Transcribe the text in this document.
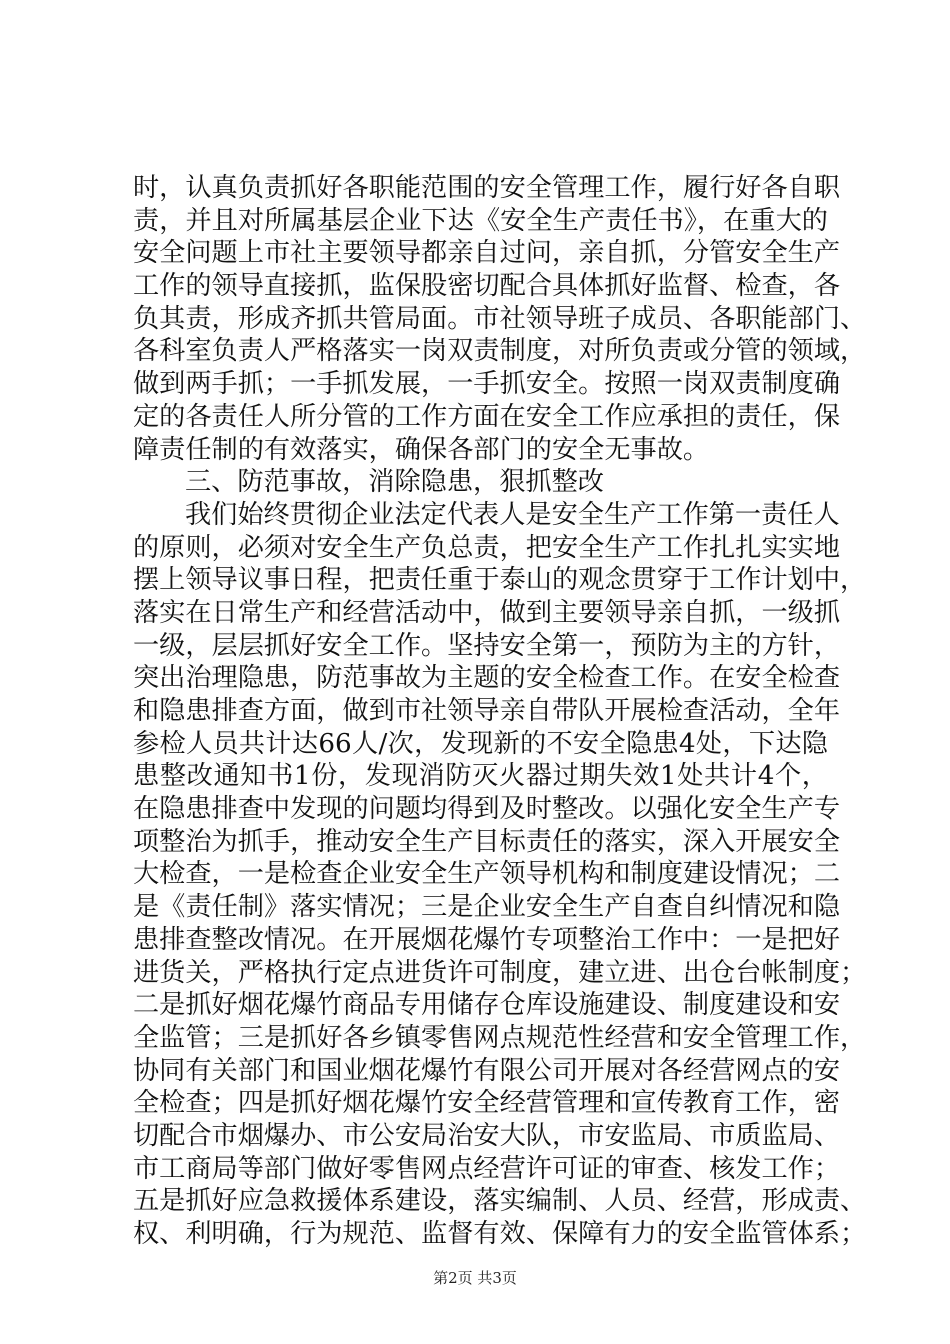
时，认真负责抓好各职能范围的安全管理工作，履行好各自职
责，并且对所属基层企业下达《安全生产责任书》，在重大的
安全问题上市社主要领导都亲自过问，亲自抓，分管安全生产
工作的领导直接抓，监保股密切配合具体抓好监督、检查，各
负其责，形成齐抓共管局面。市社领导班子成员、各职能部门、
各科室负责人严格落实一岗双责制度，对所负责或分管的领域，
做到两手抓；一手抓发展，一手抓安全。按照一岗双责制度确
定的各责任人所分管的工作方面在安全工作应承担的责任，保
障责任制的有效落实，确保各部门的安全无事故。
三、防范事故，消除隐患，狠抓整改
我们始终贯彻企业法定代表人是安全生产工作第一责任人
的原则，必须对安全生产负总责，把安全生产工作扎扎实实地
摆上领导议事日程，把责任重于泰山的观念贯穿于工作计划中，
落实在日常生产和经营活动中，做到主要领导亲自抓，一级抓
一级，层层抓好安全工作。坚持安全第一，预防为主的方针，
突出治理隐患，防范事故为主题的安全检查工作。在安全检查
和隐患排查方面，做到市社领导亲自带队开展检查活动，全年
参检人员共计达66人/次，发现新的不安全隐患4处，下达隐
患整改通知书1份，发现消防灭火器过期失效1处共计4个，
在隐患排查中发现的问题均得到及时整改。以强化安全生产专
项整治为抓手，推动安全生产目标责任的落实，深入开展安全
大检查，一是检查企业安全生产领导机构和制度建设情况；二
是《责任制》落实情况；三是企业安全生产自查自纠情况和隐
患排查整改情况。在开展烟花爆竹专项整治工作中：一是把好
进货关，严格执行定点进货许可制度，建立进、出仓台帐制度；
二是抓好烟花爆竹商品专用储存仓库设施建设、制度建设和安
全监管；三是抓好各乡镇零售网点规范性经营和安全管理工作，
协同有关部门和国业烟花爆竹有限公司开展对各经营网点的安
全检查；四是抓好烟花爆竹安全经营管理和宣传教育工作，密
切配合市烟爆办、市公安局治安大队，市安监局、市质监局、
市工商局等部门做好零售网点经营许可证的审查、核发工作；
五是抓好应急救援体系建设，落实编制、人员、经营，形成责、
权、利明确，行为规范、监督有效、保障有力的安全监管体系；
第2页 共3页
